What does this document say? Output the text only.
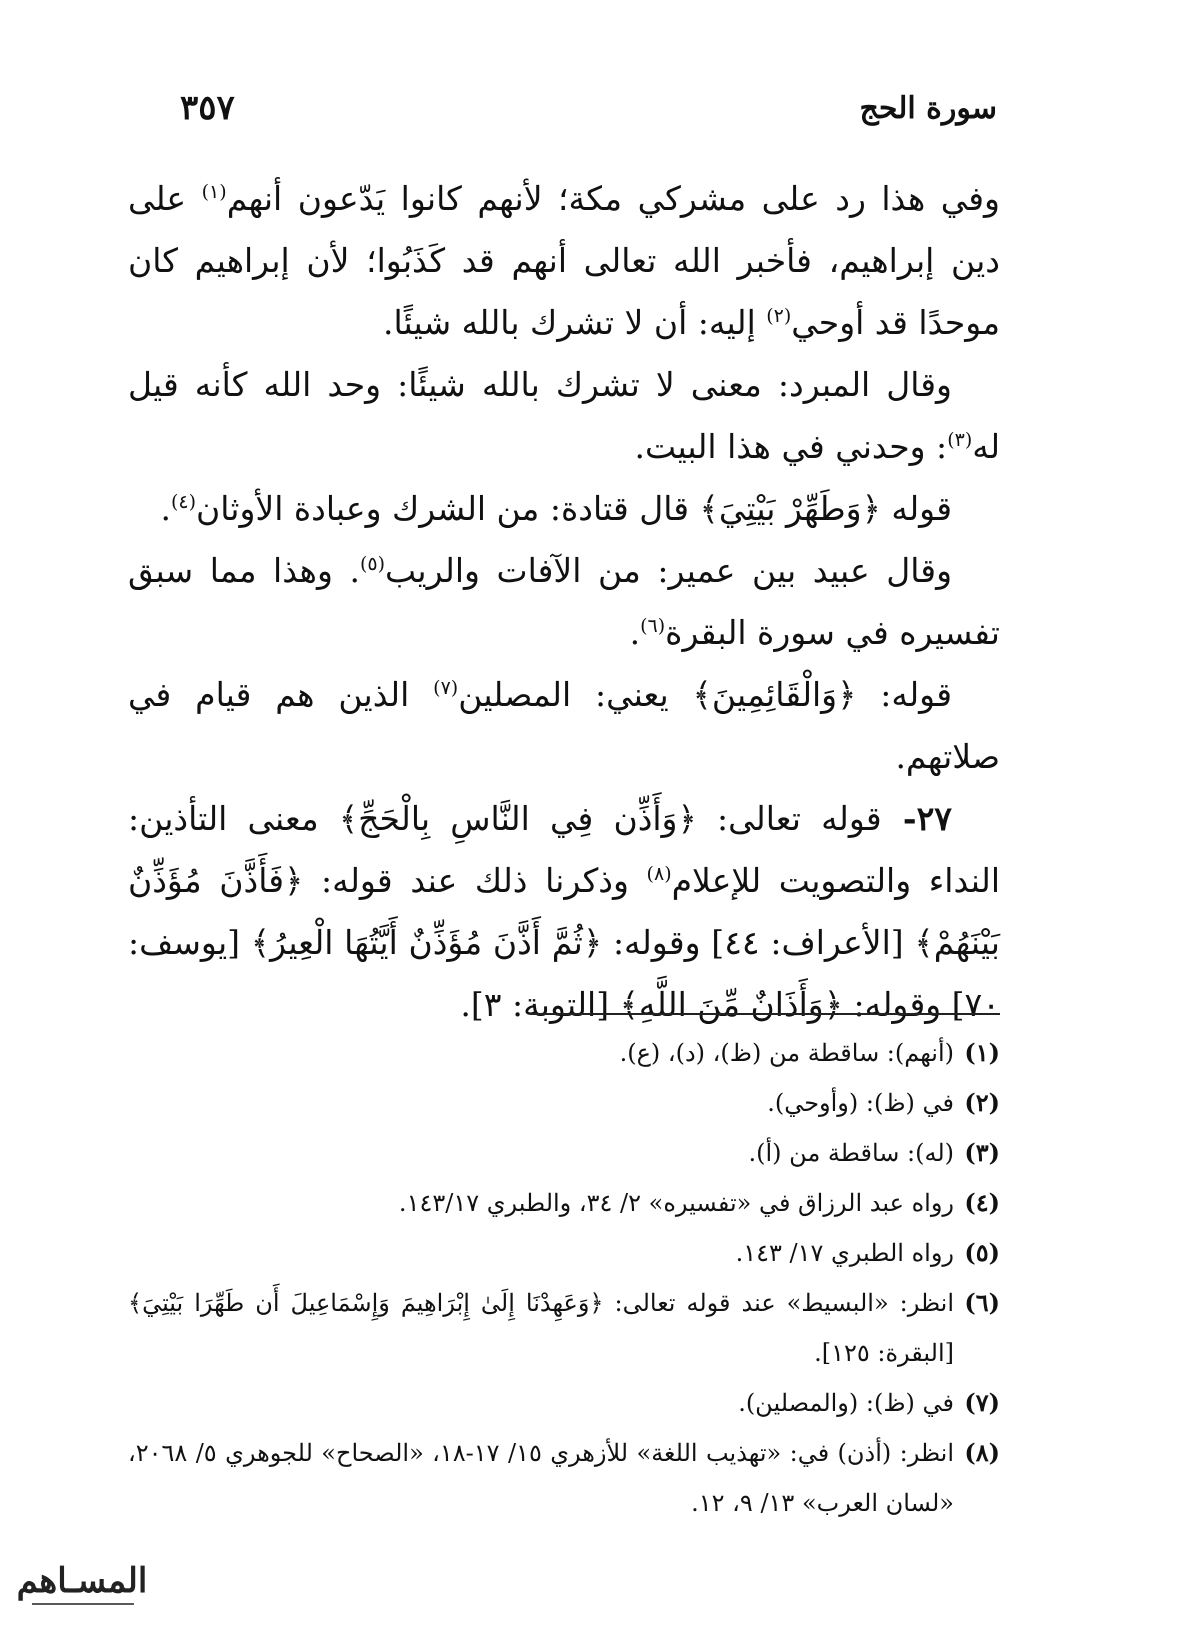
سورة الحج
٣٥٧

وفي هذا رد على مشركي مكة؛ لأنهم كانوا يَدّعون أنهم$^{(١)}$ على دين إبراهيم، فأخبر الله تعالى أنهم قد كَذَبُوا؛ لأن إبراهيم كان موحدًا قد أوحي$^{(٢)}$ إليه: أن لا تشرك بالله شيئًا.

وقال المبرد: معنى لا تشرك بالله شيئًا: وحد الله كأنه قيل له$^{(٣)}$: وحدني في هذا البيت.

قوله ﴿وَطَهِّرْ بَيْتِيَ﴾ قال قتادة: من الشرك وعبادة الأوثان$^{(٤)}$.

وقال عبيد بين عمير: من الآفات والريب$^{(٥)}$. وهذا مما سبق تفسيره في سورة البقرة$^{(٦)}$.

قوله: ﴿وَالْقَائِمِينَ﴾ يعني: المصلين$^{(٧)}$ الذين هم قيام في صلاتهم.

٢٧- قوله تعالى: ﴿وَأَذِّن فِي النَّاسِ بِالْحَجِّ﴾ معنى التأذين: النداء والتصويت للإعلام$^{(٨)}$ وذكرنا ذلك عند قوله: ﴿فَأَذَّنَ مُؤَذِّنٌ بَيْنَهُمْ﴾ [الأعراف: ٤٤] وقوله: ﴿ثُمَّ أَذَّنَ مُؤَذِّنٌ أَيَّتُهَا الْعِيرُ﴾ [يوسف: ٧٠] وقوله: ﴿وَأَذَانٌ مِّنَ اللَّهِ﴾ [التوبة: ٣].

(١)
(أنهم): ساقطة من (ظ)، (د)، (ع).
(٢)
في (ظ): (وأوحي).
(٣)
(له): ساقطة من (أ).
(٤)
رواه عبد الرزاق في «تفسيره» ٢/ ٣٤، والطبري ١٤٣/١٧.
(٥)
رواه الطبري ١٧/ ١٤٣.
(٦)
انظر: «البسيط» عند قوله تعالى: ﴿وَعَهِدْنَا إِلَىٰ إِبْرَاهِيمَ وَإِسْمَاعِيلَ أَن طَهِّرَا بَيْتِيَ﴾ [البقرة: ١٢٥].
(٧)
في (ظ): (والمصلين).
(٨)
انظر: (أذن) في: «تهذيب اللغة» للأزهري ١٥/ ١٧-١٨، «الصحاح» للجوهري ٥/ ٢٠٦٨، «لسان العرب» ١٣/ ٩، ١٢.
المسـاهم
